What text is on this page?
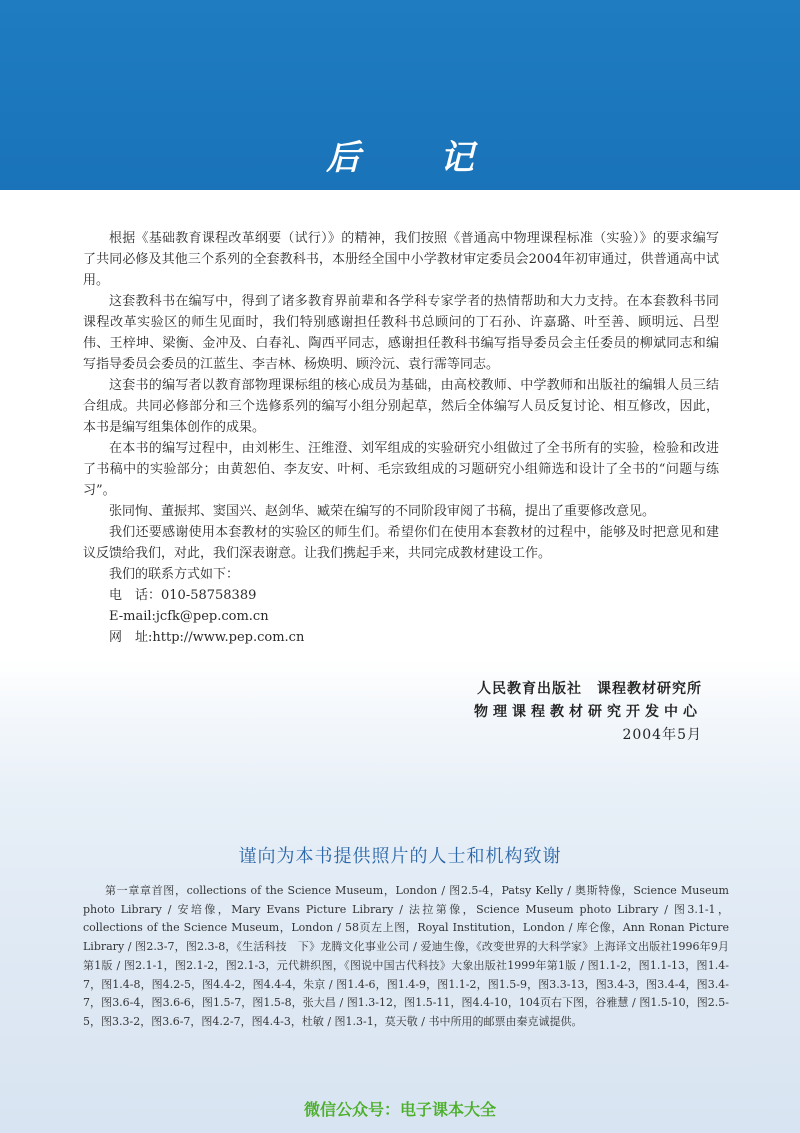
后 记

根据《基础教育课程改革纲要（试行）》的精神，我们按照《普通高中物理课程标准（实验）》的要求编写了共同必修及其他三个系列的全套教科书，本册经全国中小学教材审定委员会2004年初审通过，供普通高中试用。

这套教科书在编写中，得到了诸多教育界前辈和各学科专家学者的热情帮助和大力支持。在本套教科书同课程改革实验区的师生见面时，我们特别感谢担任教科书总顾问的丁石孙、许嘉璐、叶至善、顾明远、吕型伟、王梓坤、梁衡、金冲及、白春礼、陶西平同志，感谢担任教科书编写指导委员会主任委员的柳斌同志和编写指导委员会委员的江蓝生、李吉林、杨焕明、顾泠沅、袁行霈等同志。

这套书的编写者以教育部物理课标组的核心成员为基础，由高校教师、中学教师和出版社的编辑人员三结合组成。共同必修部分和三个选修系列的编写小组分别起草，然后全体编写人员反复讨论、相互修改，因此，本书是编写组集体创作的成果。

在本书的编写过程中，由刘彬生、汪维澄、刘军组成的实验研究小组做过了全书所有的实验，检验和改进了书稿中的实验部分；由黄恕伯、李友安、叶柯、毛宗致组成的习题研究小组筛选和设计了全书的“问题与练习”。

张同恂、董振邦、窦国兴、赵剑华、臧荣在编写的不同阶段审阅了书稿，提出了重要修改意见。

我们还要感谢使用本套教材的实验区的师生们。希望你们在使用本套教材的过程中，能够及时把意见和建议反馈给我们，对此，我们深表谢意。让我们携起手来，共同完成教材建设工作。

我们的联系方式如下：

电　话：010-58758389
E-mail:jcfk@pep.com.cn
网　址:http://www.pep.com.cn
人民教育出版社　课程教材研究所
物理课程教材研究开发中心
2004年5月
谨向为本书提供照片的人士和机构致谢

第一章章首图，collections of the Science Museum，London / 图2.5-4，Patsy Kelly / 奥斯特像，Science Museum photo Library / 安培像，Mary Evans Picture Library / 法拉第像，Science Museum photo Library / 图3.1-1，collections of the Science Museum，London / 58页左上图，Royal Institution，London / 库仑像，Ann Ronan Picture Library / 图2.3-7，图2.3-8，《生活科技　下》龙腾文化事业公司 / 爱迪生像，《改变世界的大科学家》上海译文出版社1996年9月第1版 / 图2.1-1，图2.1-2，图2.1-3，元代耕织图，《图说中国古代科技》大象出版社1999年第1版 / 图1.1-2，图1.1-13，图1.4-7，图1.4-8，图4.2-5，图4.4-2，图4.4-4，朱京 / 图1.4-6，图1.4-9，图1.1-2，图1.5-9，图3.3-13，图3.4-3，图3.4-4，图3.4-7，图3.6-4，图3.6-6，图1.5-7，图1.5-8，张大昌 / 图1.3-12，图1.5-11，图4.4-10，104页右下图，谷雅慧 / 图1.5-10，图2.5-5，图3.3-2，图3.6-7，图4.2-7，图4.4-3，杜敏 / 图1.3-1，莫天敬 / 书中所用的邮票由秦克诚提供。

微信公众号：电子课本大全
